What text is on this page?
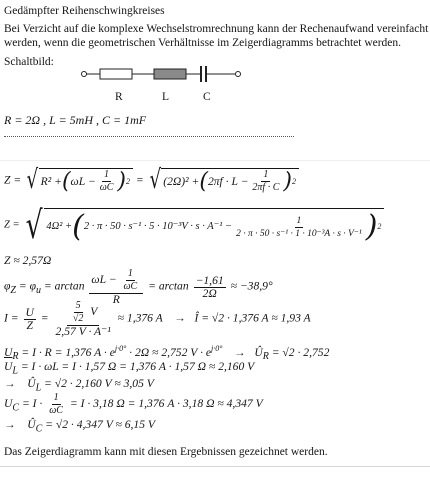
Gedämpfter Reihenschwingkreises
Bei Verzicht auf die komplexe Wechselstromrechnung kann der Rechenaufwand vereinfacht
werden, wenn die geometrischen Verhältnisse im Zeigerdiagramms betrachtet werden.
Schaltbild:
R	L	C
R = 2Ω , L = 5mH , C = 1mF
Z = √ R² + ( $\omega L - \frac{1}{\omega C}$ ) 2 = √ (2Ω)² + ( $2\pi f \cdot L - \frac{1}{2\pi f \cdot C}$ ) 2
Z = √ 4Ω² + ( $2 \cdot \pi \cdot 50 \cdot s^{-1} \cdot 5 \cdot 10^{-3}V \cdot s \cdot A^{-1} - \frac{1}{\text{2 · π · 50 · s⁻¹ · 1 · 10⁻³A · s · V⁻¹}}$ ) 2
Z ≈ 2,57Ω
$\varphi_Z = \varphi_u = \arctan \frac{\omega L - \frac{1}{\omega C}}{R} = \arctan \frac{-1,61}{2\Omega} \approx -38,9^\circ$
$I = \frac{U}{Z} = \frac{\frac{5}{√2} V}{\text{2,57 V · A⁻¹}} \approx 1,376$ A → Î = √2 · 1,376 A ≈ 1,93 A
$U_R = I \cdot R = 1,376$ $A \cdot e^{j\cdot 0^\circ} \cdot 2\Omega \approx 2,752$ $V \cdot e^{j\cdot 0^\circ}$ → $Û_R = √2 \cdot 2,752$
$U_L = I \cdot \omega L = I \cdot 1,57$ Ω = 1,376 A · 1,57 Ω ≈ 2,160 V
→    $Û_L = √2 \cdot 2,160$ V ≈ 3,05 V
$U_C = I \cdot \frac{1}{\omega C} = I \cdot 3,18$ Ω = 1,376 A · 3,18 Ω ≈ 4,347 V
→    $Û_C = √2 \cdot 4,347$ V ≈ 6,15 V
Das Zeigerdiagramm kann mit diesen Ergebnissen gezeichnet werden.
